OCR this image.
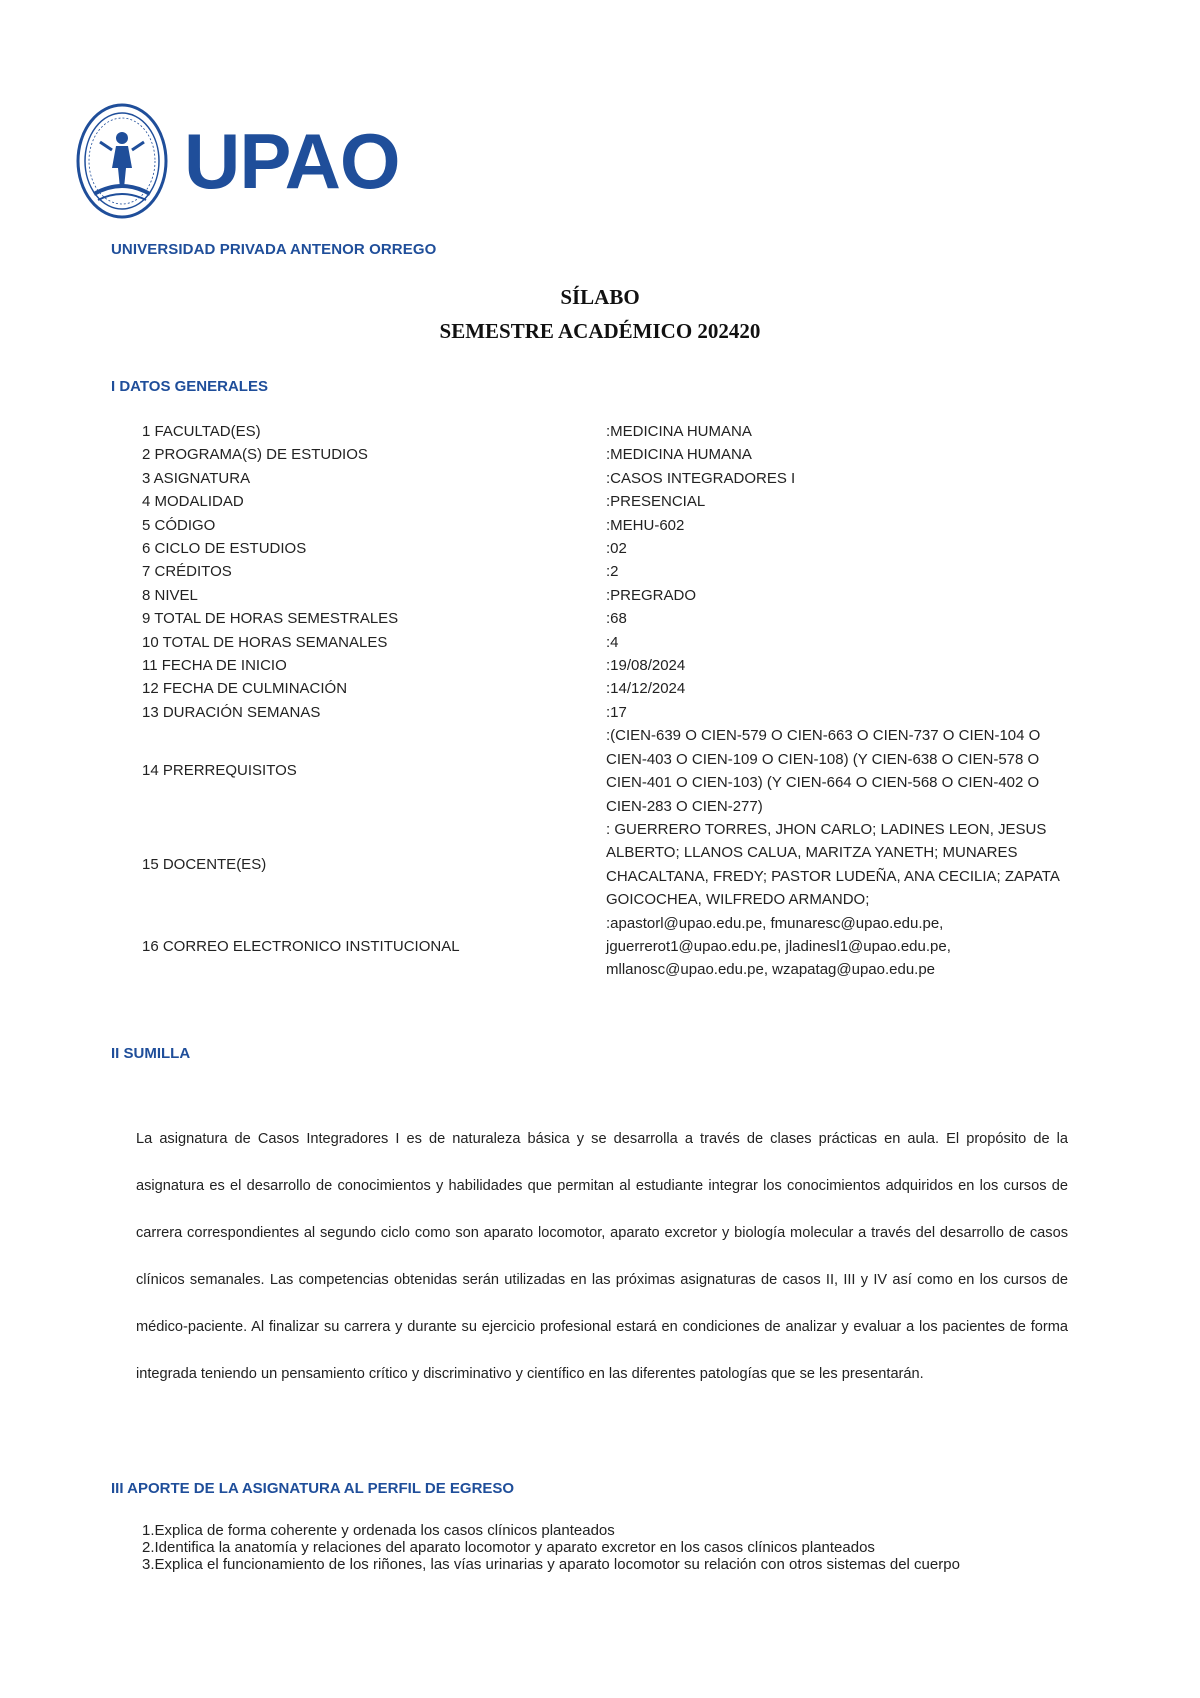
UPAO
UNIVERSIDAD PRIVADA ANTENOR ORREGO
SÍLABO
SEMESTRE ACADÉMICO 202420
I DATOS GENERALES
1 FACULTAD(ES)	:MEDICINA HUMANA
2 PROGRAMA(S) DE ESTUDIOS	:MEDICINA HUMANA
3 ASIGNATURA	:CASOS INTEGRADORES I
4 MODALIDAD	:PRESENCIAL
5 CÓDIGO	:MEHU-602
6 CICLO DE ESTUDIOS	:02
7 CRÉDITOS	:2
8 NIVEL	:PREGRADO
9 TOTAL DE HORAS SEMESTRALES	:68
10 TOTAL DE HORAS SEMANALES	:4
11 FECHA DE INICIO	:19/08/2024
12 FECHA DE CULMINACIÓN	:14/12/2024
13 DURACIÓN SEMANAS	:17
14 PRERREQUISITOS
:(CIEN-639 O CIEN-579 O CIEN-663 O CIEN-737 O CIEN-104 O CIEN-403 O CIEN-109 O CIEN-108) (Y CIEN-638 O CIEN-578 O CIEN-401 O CIEN-103) (Y CIEN-664 O CIEN-568 O CIEN-402 O CIEN-283 O CIEN-277)
15 DOCENTE(ES)
: GUERRERO TORRES, JHON CARLO; LADINES LEON, JESUS ALBERTO; LLANOS CALUA, MARITZA YANETH; MUNARES CHACALTANA, FREDY; PASTOR LUDEÑA, ANA CECILIA; ZAPATA GOICOCHEA, WILFREDO ARMANDO;
16 CORREO ELECTRONICO INSTITUCIONAL
:apastorl@upao.edu.pe, fmunaresc@upao.edu.pe, jguerrerot1@upao.edu.pe, jladinesl1@upao.edu.pe, mllanosc@upao.edu.pe, wzapatag@upao.edu.pe
II SUMILLA
La asignatura de Casos Integradores I es de naturaleza básica y se desarrolla a través de clases prácticas en aula. El propósito de la asignatura es el desarrollo de conocimientos y habilidades que permitan al estudiante integrar los conocimientos adquiridos en los cursos de carrera correspondientes al segundo ciclo como son aparato locomotor, aparato excretor y biología molecular a través del desarrollo de casos clínicos semanales. Las competencias obtenidas serán utilizadas en las próximas asignaturas de casos II, III y IV así como en los cursos de médico-paciente. Al finalizar su carrera y durante su ejercicio profesional estará en condiciones de analizar y evaluar a los pacientes de forma integrada teniendo un pensamiento crítico y discriminativo y científico en las diferentes patologías que se les presentarán.
III APORTE DE LA ASIGNATURA AL PERFIL DE EGRESO
1.Explica de forma coherente y ordenada los casos clínicos planteados
2.Identifica la anatomía y relaciones del aparato locomotor y aparato excretor en los casos clínicos planteados
3.Explica el funcionamiento de los riñones, las vías urinarias y aparato locomotor su relación con otros sistemas del cuerpo
